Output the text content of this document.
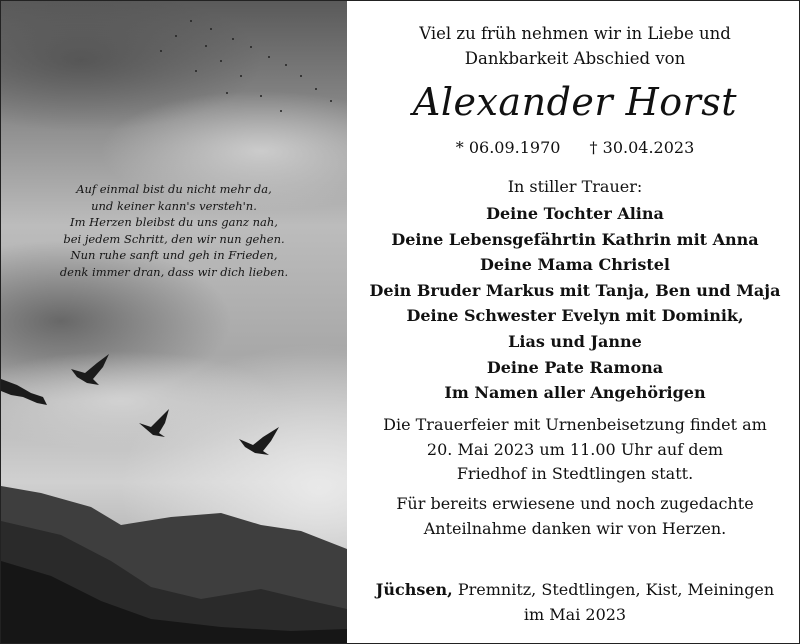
Auf einmal bist du nicht mehr da,
und keiner kann's versteh'n.
Im Herzen bleibst du uns ganz nah,
bei jedem Schritt, den wir nun gehen.
Nun ruhe sanft und geh in Frieden,
denk immer dran, dass wir dich lieben.
Viel zu früh nehmen wir in Liebe und
Dankbarkeit Abschied von
Alexander Horst
* 06.09.1970 † 30.04.2023
In stiller Trauer:
Deine Tochter Alina
Deine Lebensgefährtin Kathrin mit Anna
Deine Mama Christel
Dein Bruder Markus mit Tanja, Ben und Maja
Deine Schwester Evelyn mit Dominik,
Lias und Janne
Deine Pate Ramona
Im Namen aller Angehörigen
Die Trauerfeier mit Urnenbeisetzung findet am
20. Mai 2023 um 11.00 Uhr auf dem
Friedhof in Stedtlingen statt.
Für bereits erwiesene und noch zugedachte
Anteilnahme danken wir von Herzen.
Jüchsen, Premnitz, Stedtlingen, Kist, Meiningen
im Mai 2023
